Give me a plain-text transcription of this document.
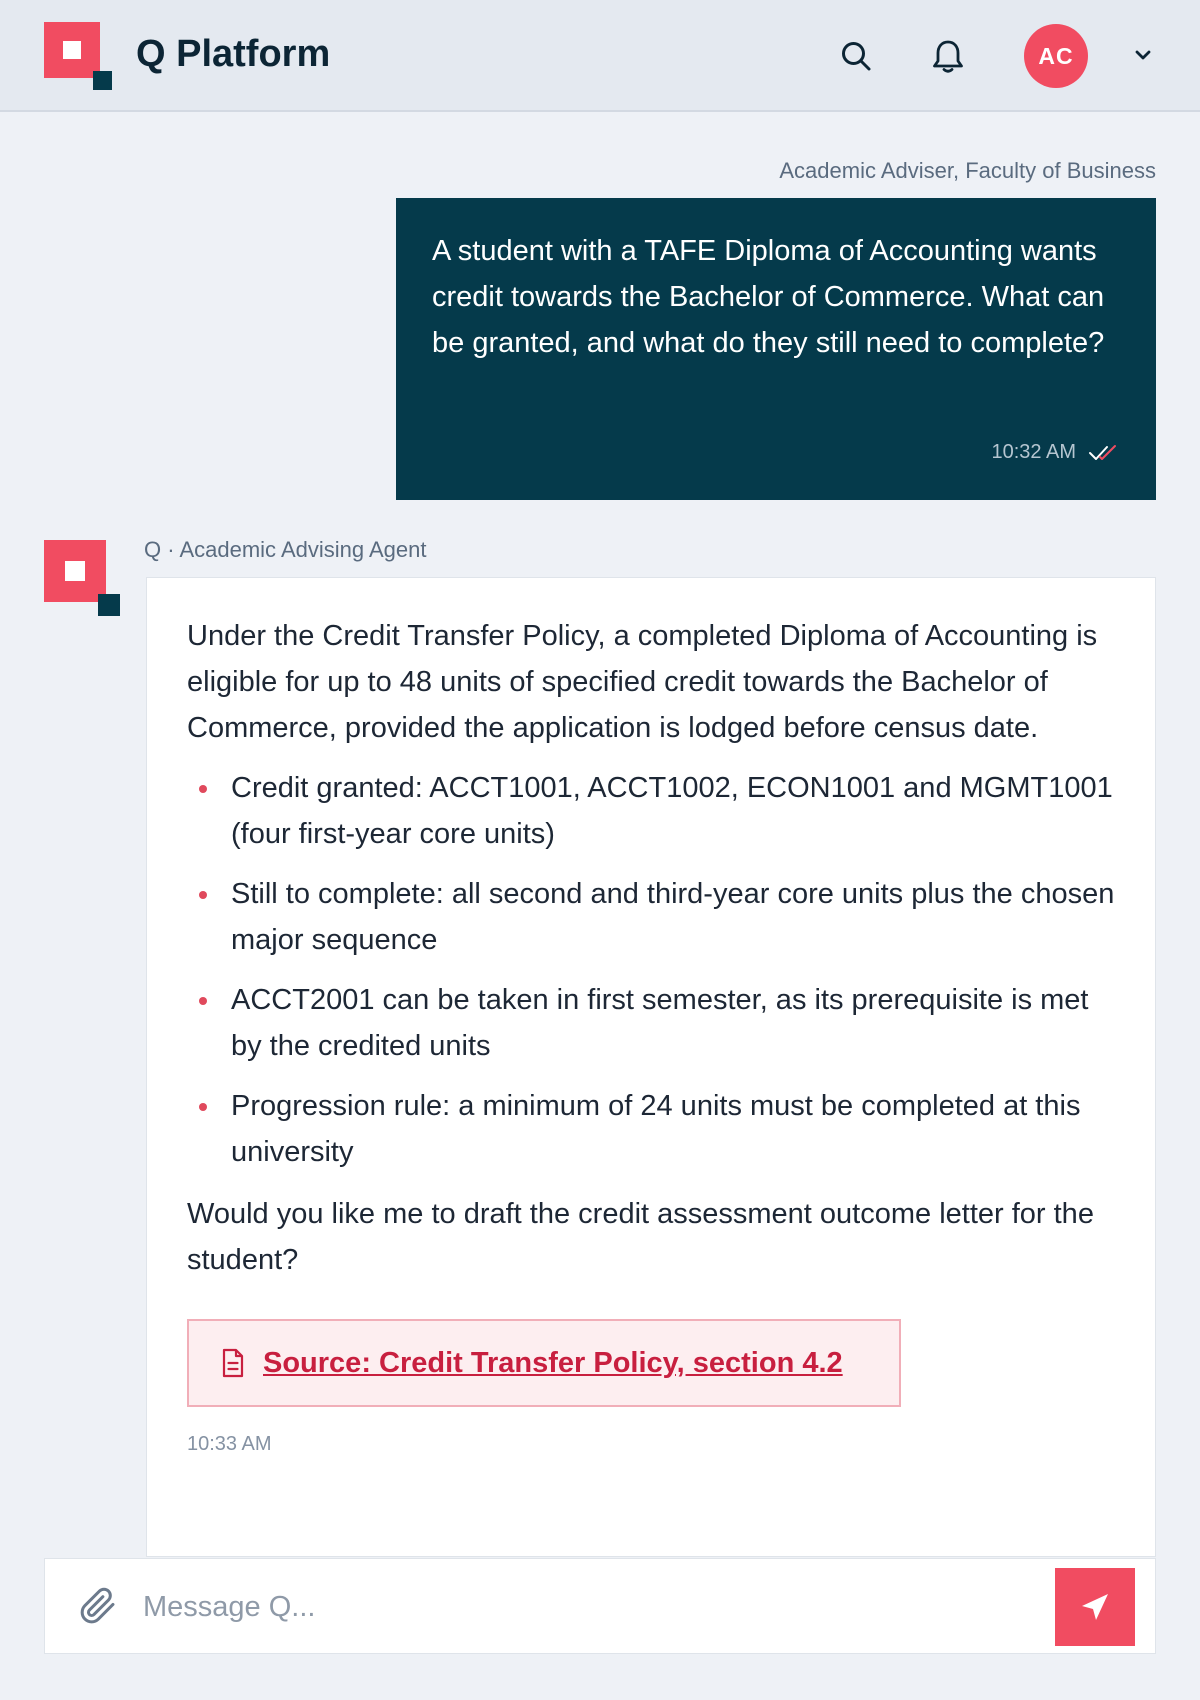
Q Platform	AC
Academic Adviser, Faculty of Business
A student with a TAFE Diploma of Accounting wants credit towards the Bachelor of Commerce. What can be granted, and what do they still need to complete?
10:32 AM
Q · Academic Advising Agent

Under the Credit Transfer Policy, a completed Diploma of Accounting is eligible for up to 48 units of specified credit towards the Bachelor of Commerce, provided the application is lodged before census date.

Credit granted: ACCT1001, ACCT1002, ECON1001 and MGMT1001 (four first-year core units)
Still to complete: all second and third-year core units plus the chosen major sequence
ACCT2001 can be taken in first semester, as its prerequisite is met by the credited units
Progression rule: a minimum of 24 units must be completed at this university

Would you like me to draft the credit assessment outcome letter for the student?

Source: Credit Transfer Policy, section 4.2
10:33 AM
Message Q...
